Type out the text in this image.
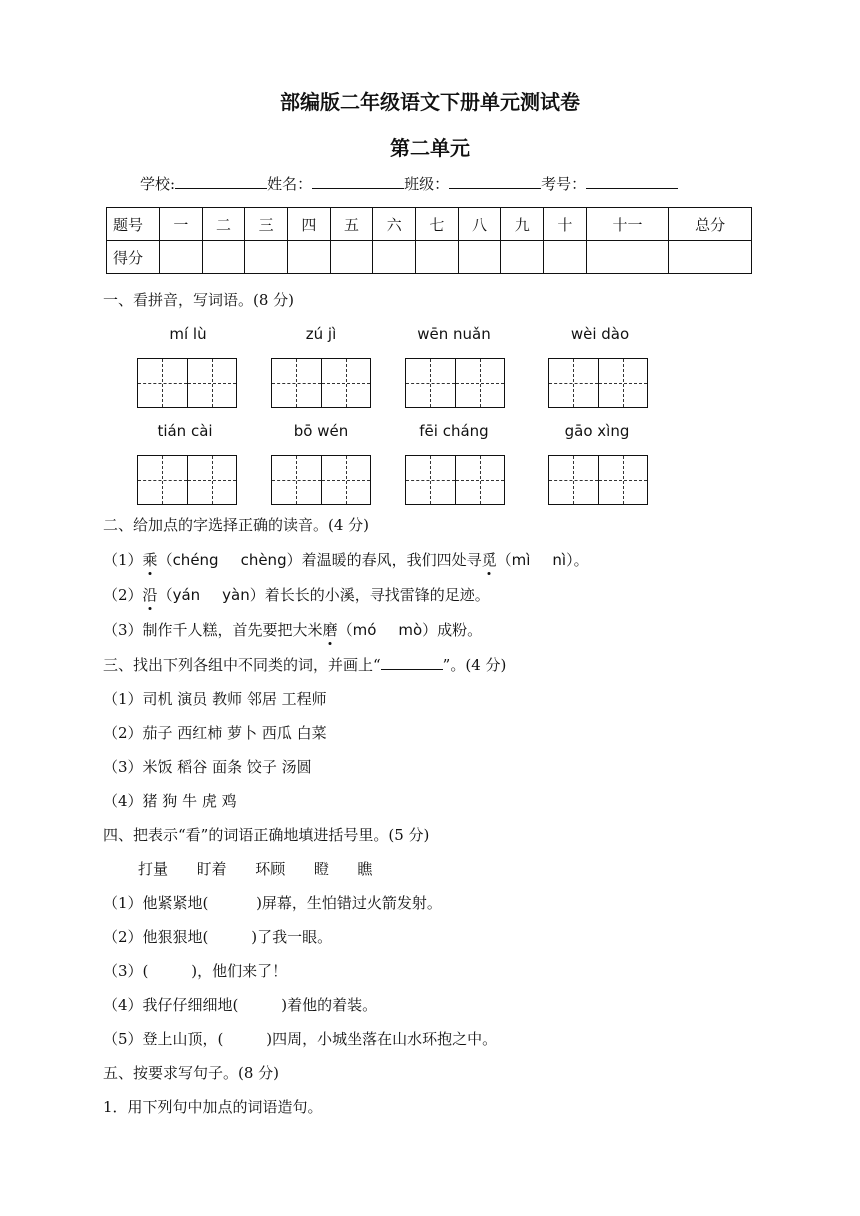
部编版二年级语文下册单元测试卷
第二单元
学校:	姓名：	班级：	考号：
题号	一	二	三	四	五	六	七	八	九	十	十一	总分
得分												
一、看拼音，写词语。(8 分)
mí lù	zú jì	wēn nuǎn	wèi dào
tián cài	bō wén	fēi cháng	gāo xìng
二、给加点的字选择正确的读音。(4 分)
（1）乘（chéng chèng）着温暖的春风，我们四处寻觅（mì nì）。
（2）沿（yán yàn）着长长的小溪，寻找雷锋的足迹。
（3）制作千人糕，首先要把大米磨（mó mò）成粉。
三、找出下列各组中不同类的词，并画上“	”。(4 分)
（1）司机 演员 教师 邻居 工程师
（2）茄子 西红柿 萝卜 西瓜 白菜
（3）米饭 稻谷 面条 饺子 汤圆
（4）猪 狗 牛 虎 鸡
四、把表示“看”的词语正确地填进括号里。(5 分)
打量      盯着      环顾      瞪      瞧
（1）他紧紧地(          )屏幕，生怕错过火箭发射。
（2）他狠狠地(         )了我一眼。
（3）(         )，他们来了！
（4）我仔仔细细地(         )着他的着装。
（5）登上山顶，(         )四周，小城坐落在山水环抱之中。
五、按要求写句子。(8 分)
1．用下列句中加点的词语造句。
